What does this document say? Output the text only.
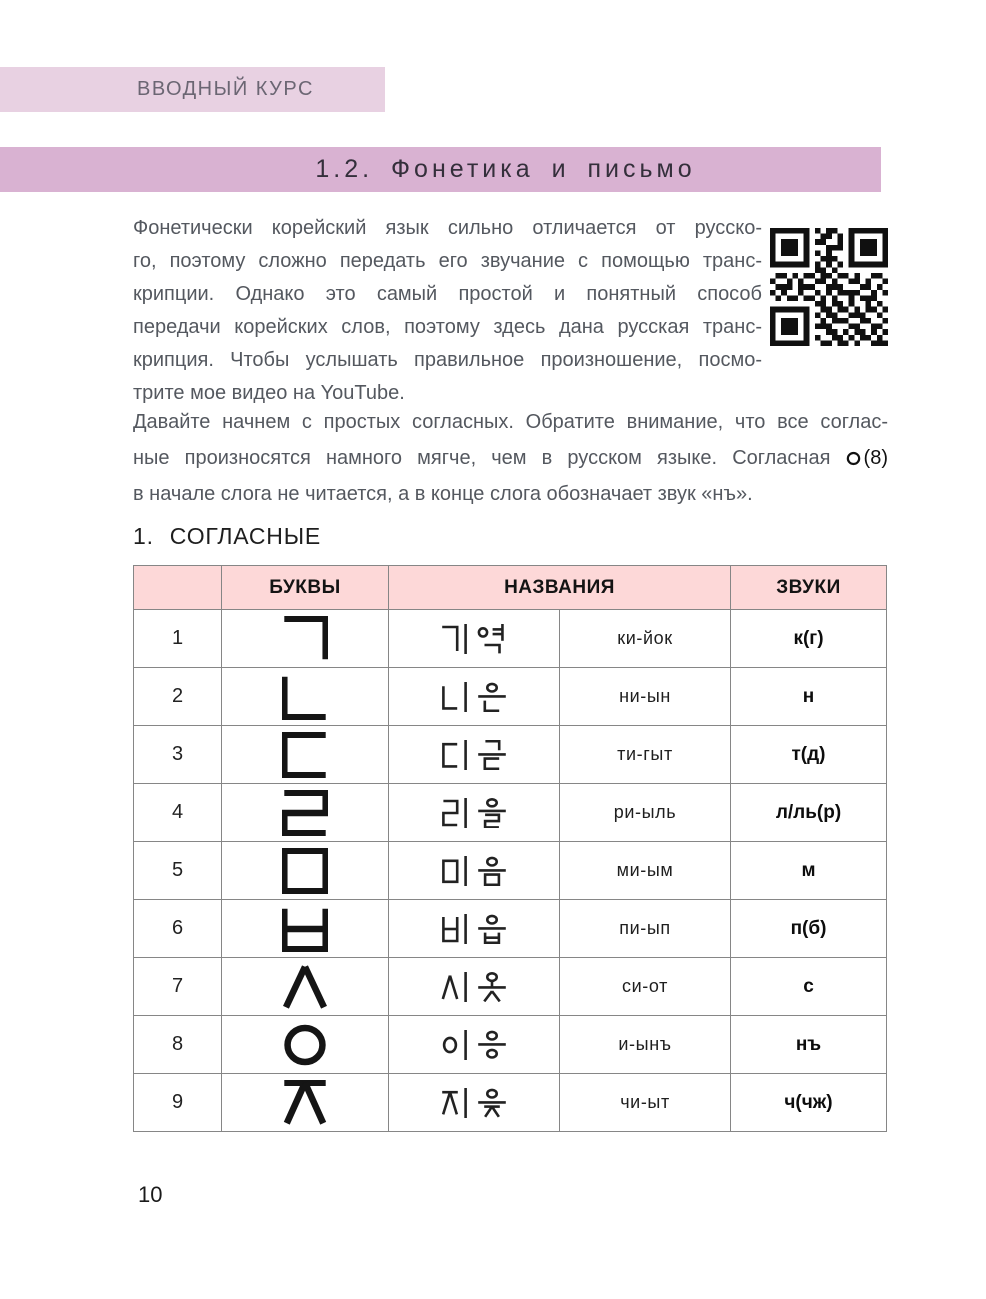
ВВОДНЫЙ КУРС
1.2. Фонетика и письмо
Фонетически корейский язык сильно отличается от русско-
го, поэтому сложно передать его звучание с помощью транс-
крипции. Однако это самый простой и понятный способ
передачи корейских слов, поэтому здесь дана русская транс-
крипция. Чтобы услышать правильное произношение, посмо-
трите мое видео на YouTube.
Давайте начнем с простых согласных. Обратите внимание, что все соглас-
ные произносятся намного мягче, чем в русском языке. Согласная (8)
в начале слога не читается, а в конце слога обозначает звук «нъ».
1. СОГЛАСНЫЕ
	БУКВЫ	НАЗВАНИЯ		ЗВУКИ
1			ки-йок	к(г)
2			ни-ын	н
3			ти-гыт	т(д)
4			ри-ыль	л/ль(р)
5			ми-ым	м
6			пи-ып	п(б)
7			си-от	с
8			и-ынъ	нъ
9			чи-ыт	ч(чж)
10
